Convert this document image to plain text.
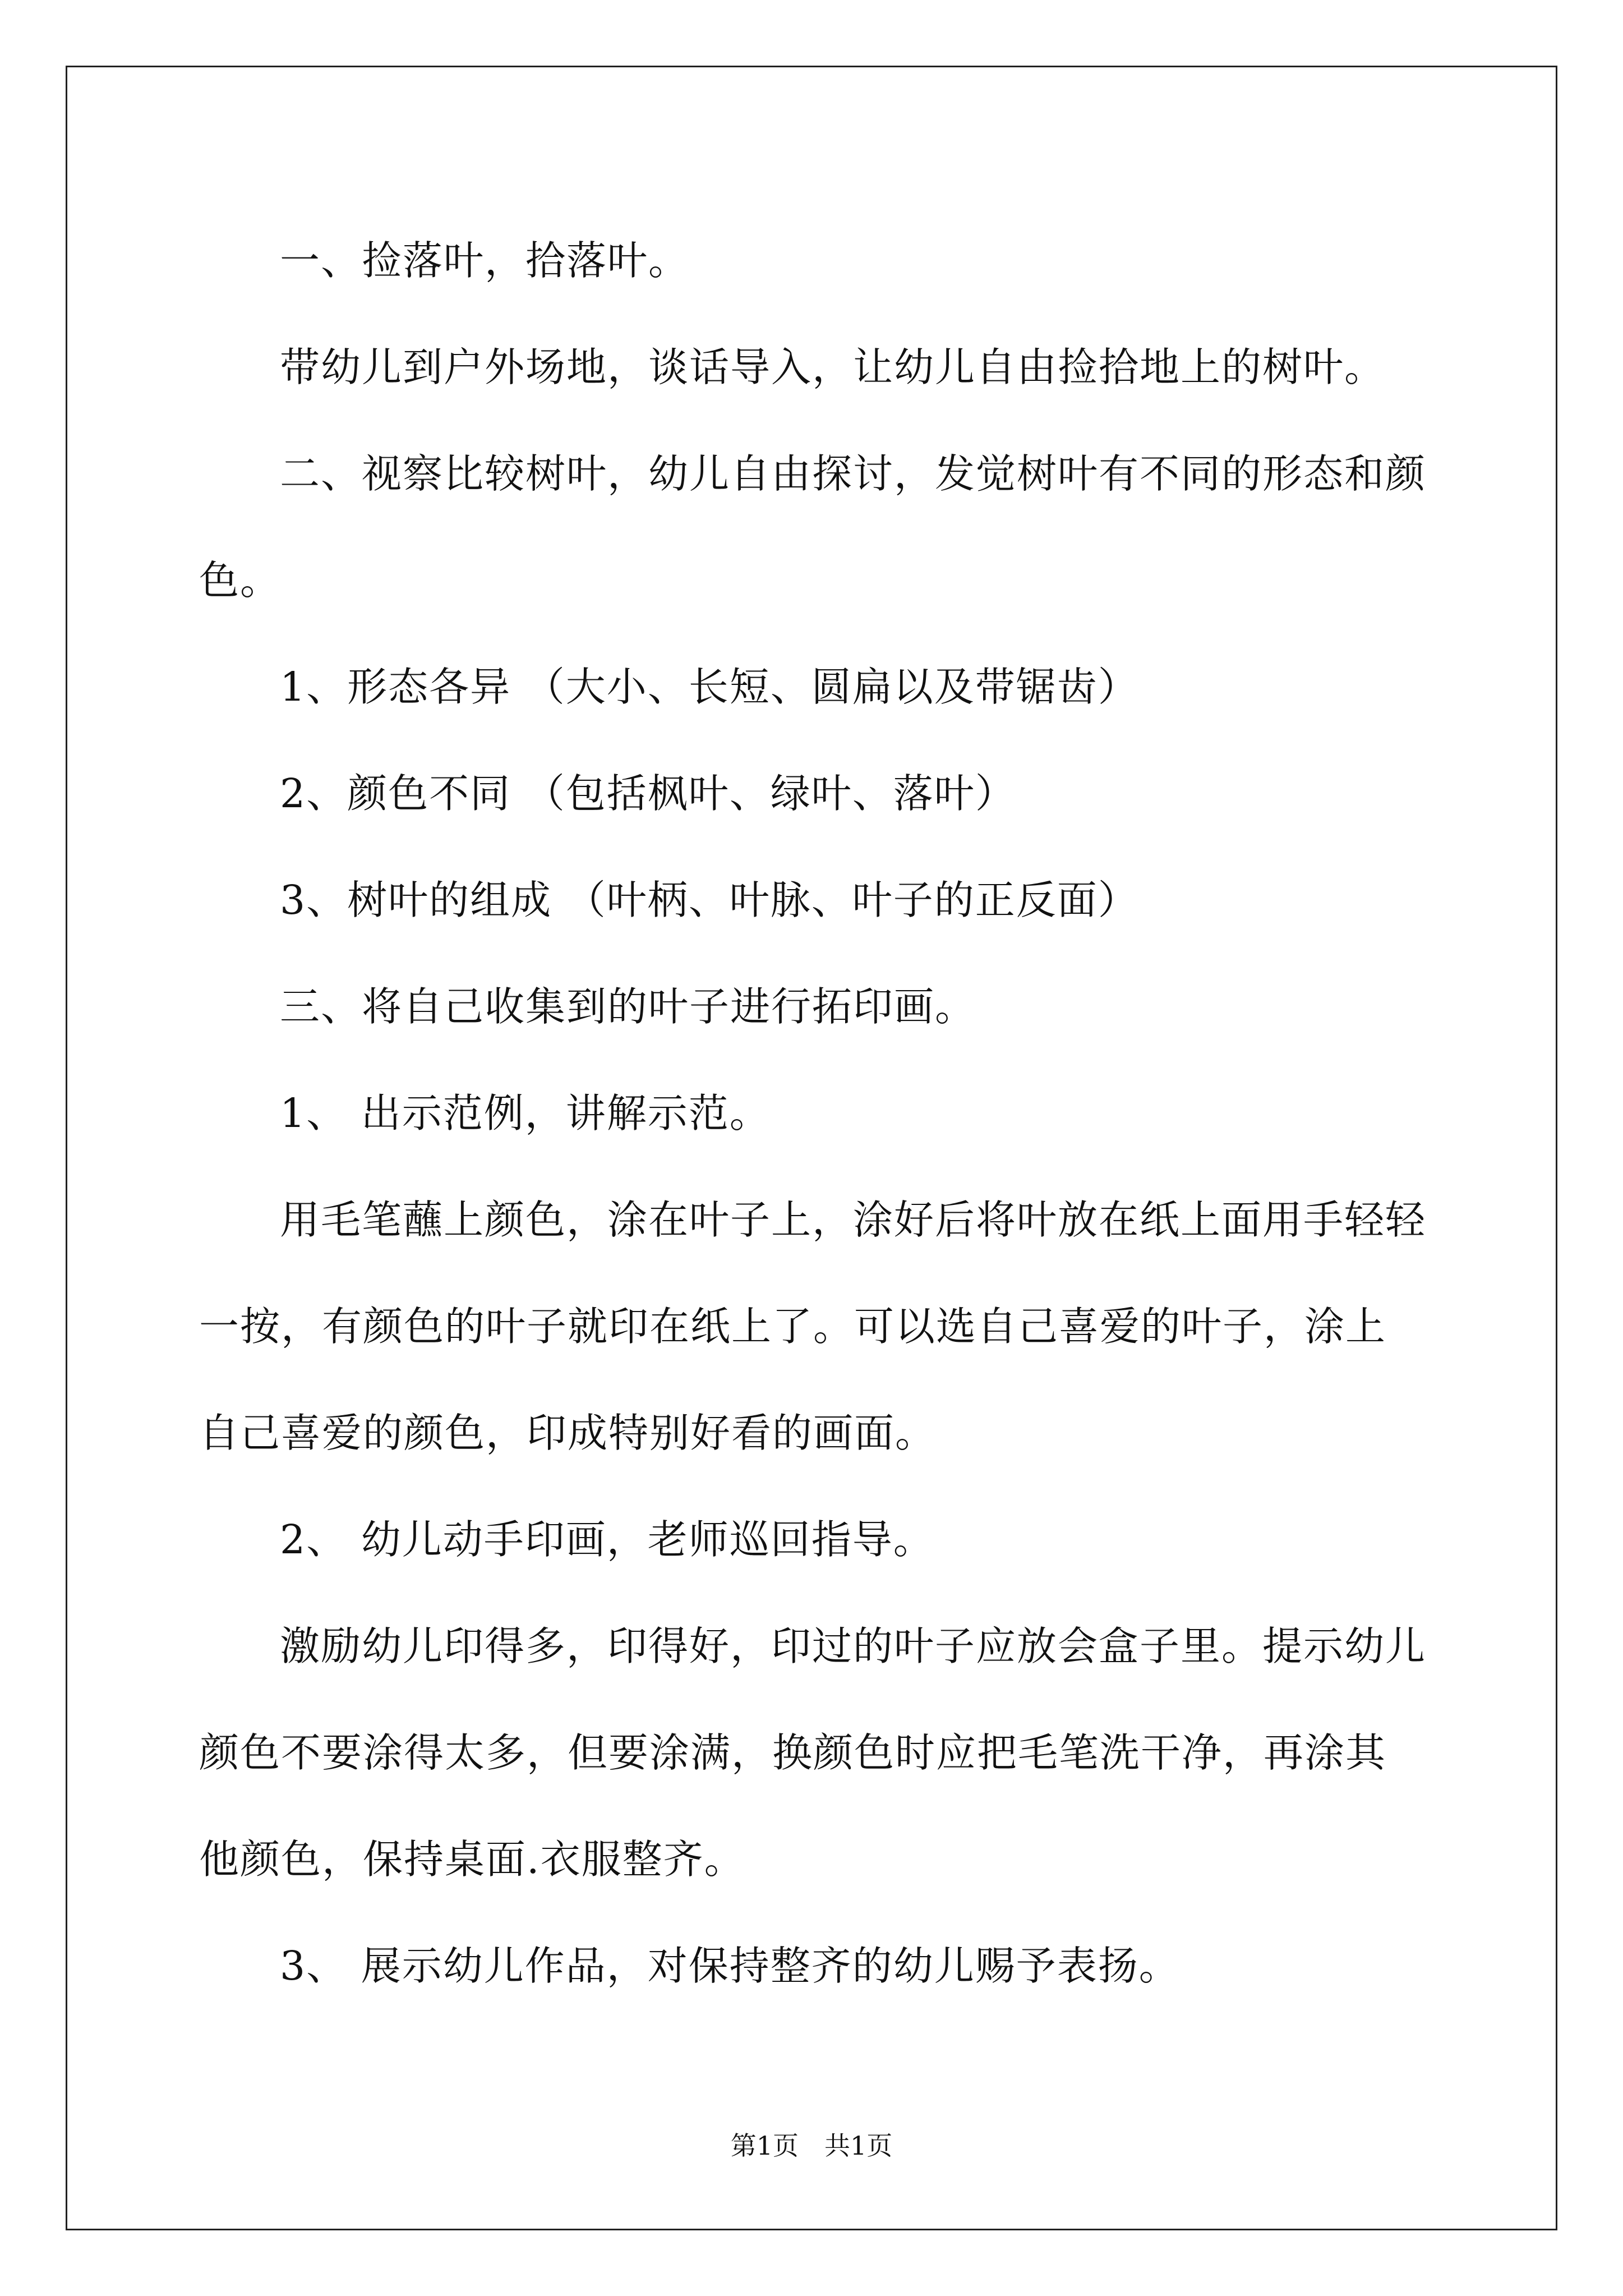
一、捡落叶，拾落叶。

带幼儿到户外场地，谈话导入，让幼儿自由捡拾地上的树叶。

二、视察比较树叶，幼儿自由探讨，发觉树叶有不同的形态和颜色。

1、形态各异 （大小、长短、圆扁以及带锯齿）

2、颜色不同 （包括枫叶、绿叶、落叶）

3、树叶的组成 （叶柄、叶脉、叶子的正反面）

三、将自己收集到的叶子进行拓印画。

1、 出示范例，讲解示范。

用毛笔蘸上颜色，涂在叶子上，涂好后将叶放在纸上面用手轻轻一按，有颜色的叶子就印在纸上了。可以选自己喜爱的叶子，涂上自己喜爱的颜色，印成特别好看的画面。

2、 幼儿动手印画，老师巡回指导。

激励幼儿印得多，印得好，印过的叶子应放会盒子里。提示幼儿颜色不要涂得太多，但要涂满，换颜色时应把毛笔洗干净，再涂其他颜色，保持桌面.衣服整齐。

3、 展示幼儿作品，对保持整齐的幼儿赐予表扬。

第1页　共1页
